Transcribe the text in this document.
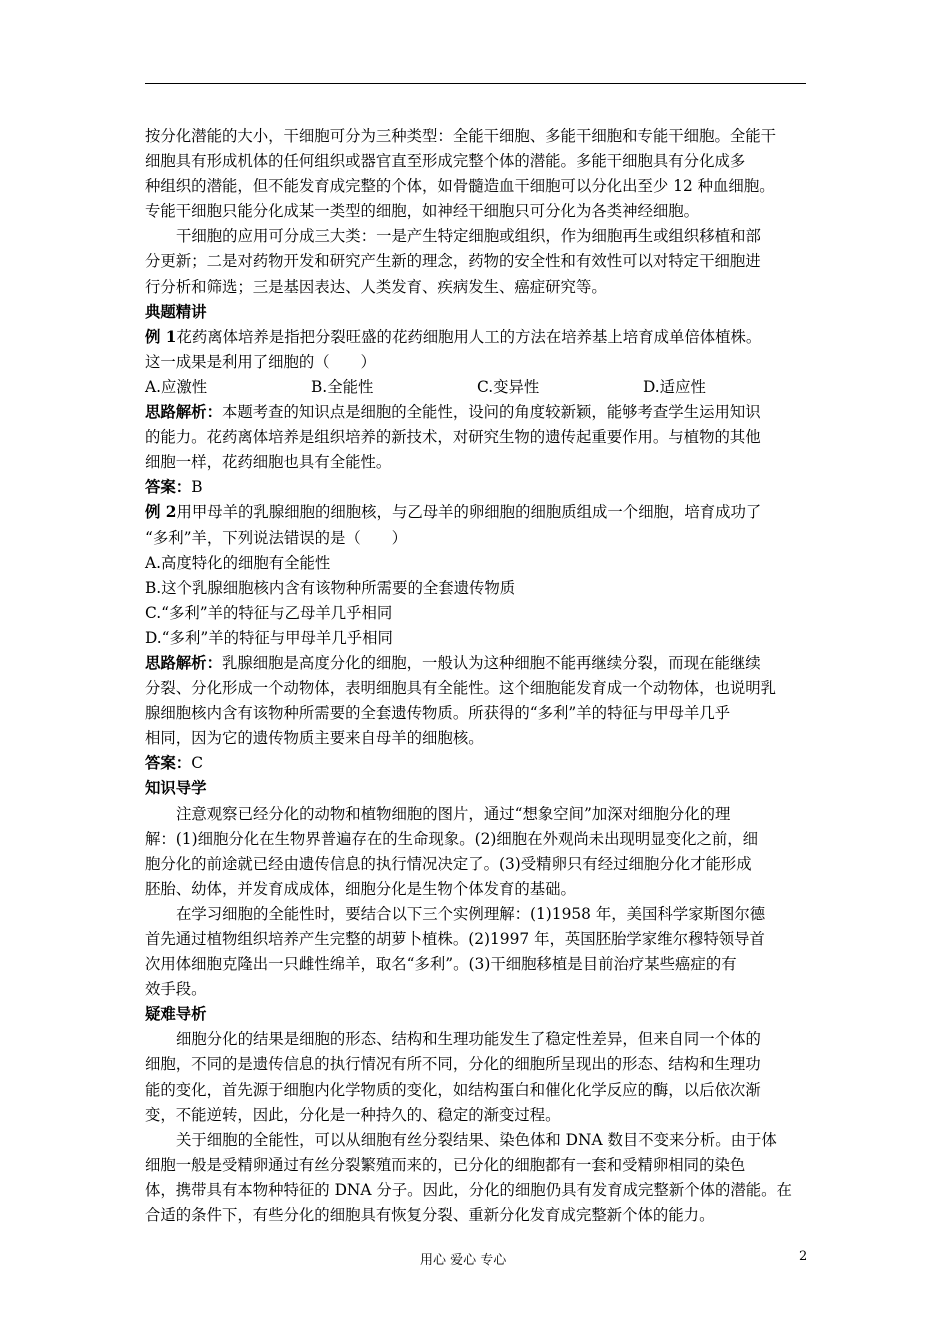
按分化潜能的大小，干细胞可分为三种类型：全能干细胞、多能干细胞和专能干细胞。全能干
细胞具有形成机体的任何组织或器官直至形成完整个体的潜能。多能干细胞具有分化成多
种组织的潜能，但不能发育成完整的个体，如骨髓造血干细胞可以分化出至少 12 种血细胞。
专能干细胞只能分化成某一类型的细胞，如神经干细胞只可分化为各类神经细胞。
干细胞的应用可分成三大类：一是产生特定细胞或组织，作为细胞再生或组织移植和部
分更新；二是对药物开发和研究产生新的理念，药物的安全性和有效性可以对特定干细胞进
行分析和筛选；三是基因表达、人类发育、疾病发生、癌症研究等。
典题精讲
例 1花药离体培养是指把分裂旺盛的花药细胞用人工的方法在培养基上培育成单倍体植株。
这一成果是利用了细胞的（　　）
A.应激性	B.全能性	C.变异性	D.适应性
思路解析：本题考查的知识点是细胞的全能性，设问的角度较新颖，能够考查学生运用知识
的能力。花药离体培养是组织培养的新技术，对研究生物的遗传起重要作用。与植物的其他
细胞一样，花药细胞也具有全能性。
答案：B
例 2用甲母羊的乳腺细胞的细胞核，与乙母羊的卵细胞的细胞质组成一个细胞，培育成功了
“多利”羊，下列说法错误的是（　　）
A.高度特化的细胞有全能性
B.这个乳腺细胞核内含有该物种所需要的全套遗传物质
C.“多利”羊的特征与乙母羊几乎相同
D.“多利”羊的特征与甲母羊几乎相同
思路解析：乳腺细胞是高度分化的细胞，一般认为这种细胞不能再继续分裂，而现在能继续
分裂、分化形成一个动物体，表明细胞具有全能性。这个细胞能发育成一个动物体，也说明乳
腺细胞核内含有该物种所需要的全套遗传物质。所获得的“多利”羊的特征与甲母羊几乎
相同，因为它的遗传物质主要来自母羊的细胞核。
答案：C
知识导学
注意观察已经分化的动物和植物细胞的图片，通过“想象空间”加深对细胞分化的理
解：(1)细胞分化在生物界普遍存在的生命现象。(2)细胞在外观尚未出现明显变化之前，细
胞分化的前途就已经由遗传信息的执行情况决定了。(3)受精卵只有经过细胞分化才能形成
胚胎、幼体，并发育成成体，细胞分化是生物个体发育的基础。
在学习细胞的全能性时，要结合以下三个实例理解：(1)1958 年，美国科学家斯图尔德
首先通过植物组织培养产生完整的胡萝卜植株。(2)1997 年，英国胚胎学家维尔穆特领导首
次用体细胞克隆出一只雌性绵羊，取名“多利”。(3)干细胞移植是目前治疗某些癌症的有
效手段。
疑难导析
细胞分化的结果是细胞的形态、结构和生理功能发生了稳定性差异，但来自同一个体的
细胞，不同的是遗传信息的执行情况有所不同，分化的细胞所呈现出的形态、结构和生理功
能的变化，首先源于细胞内化学物质的变化，如结构蛋白和催化化学反应的酶，以后依次渐
变，不能逆转，因此，分化是一种持久的、稳定的渐变过程。
关于细胞的全能性，可以从细胞有丝分裂结果、染色体和 DNA 数目不变来分析。由于体
细胞一般是受精卵通过有丝分裂繁殖而来的，已分化的细胞都有一套和受精卵相同的染色
体，携带具有本物种特征的 DNA 分子。因此，分化的细胞仍具有发育成完整新个体的潜能。在
合适的条件下，有些分化的细胞具有恢复分裂、重新分化发育成完整新个体的能力。
用心 爱心 专心	2
